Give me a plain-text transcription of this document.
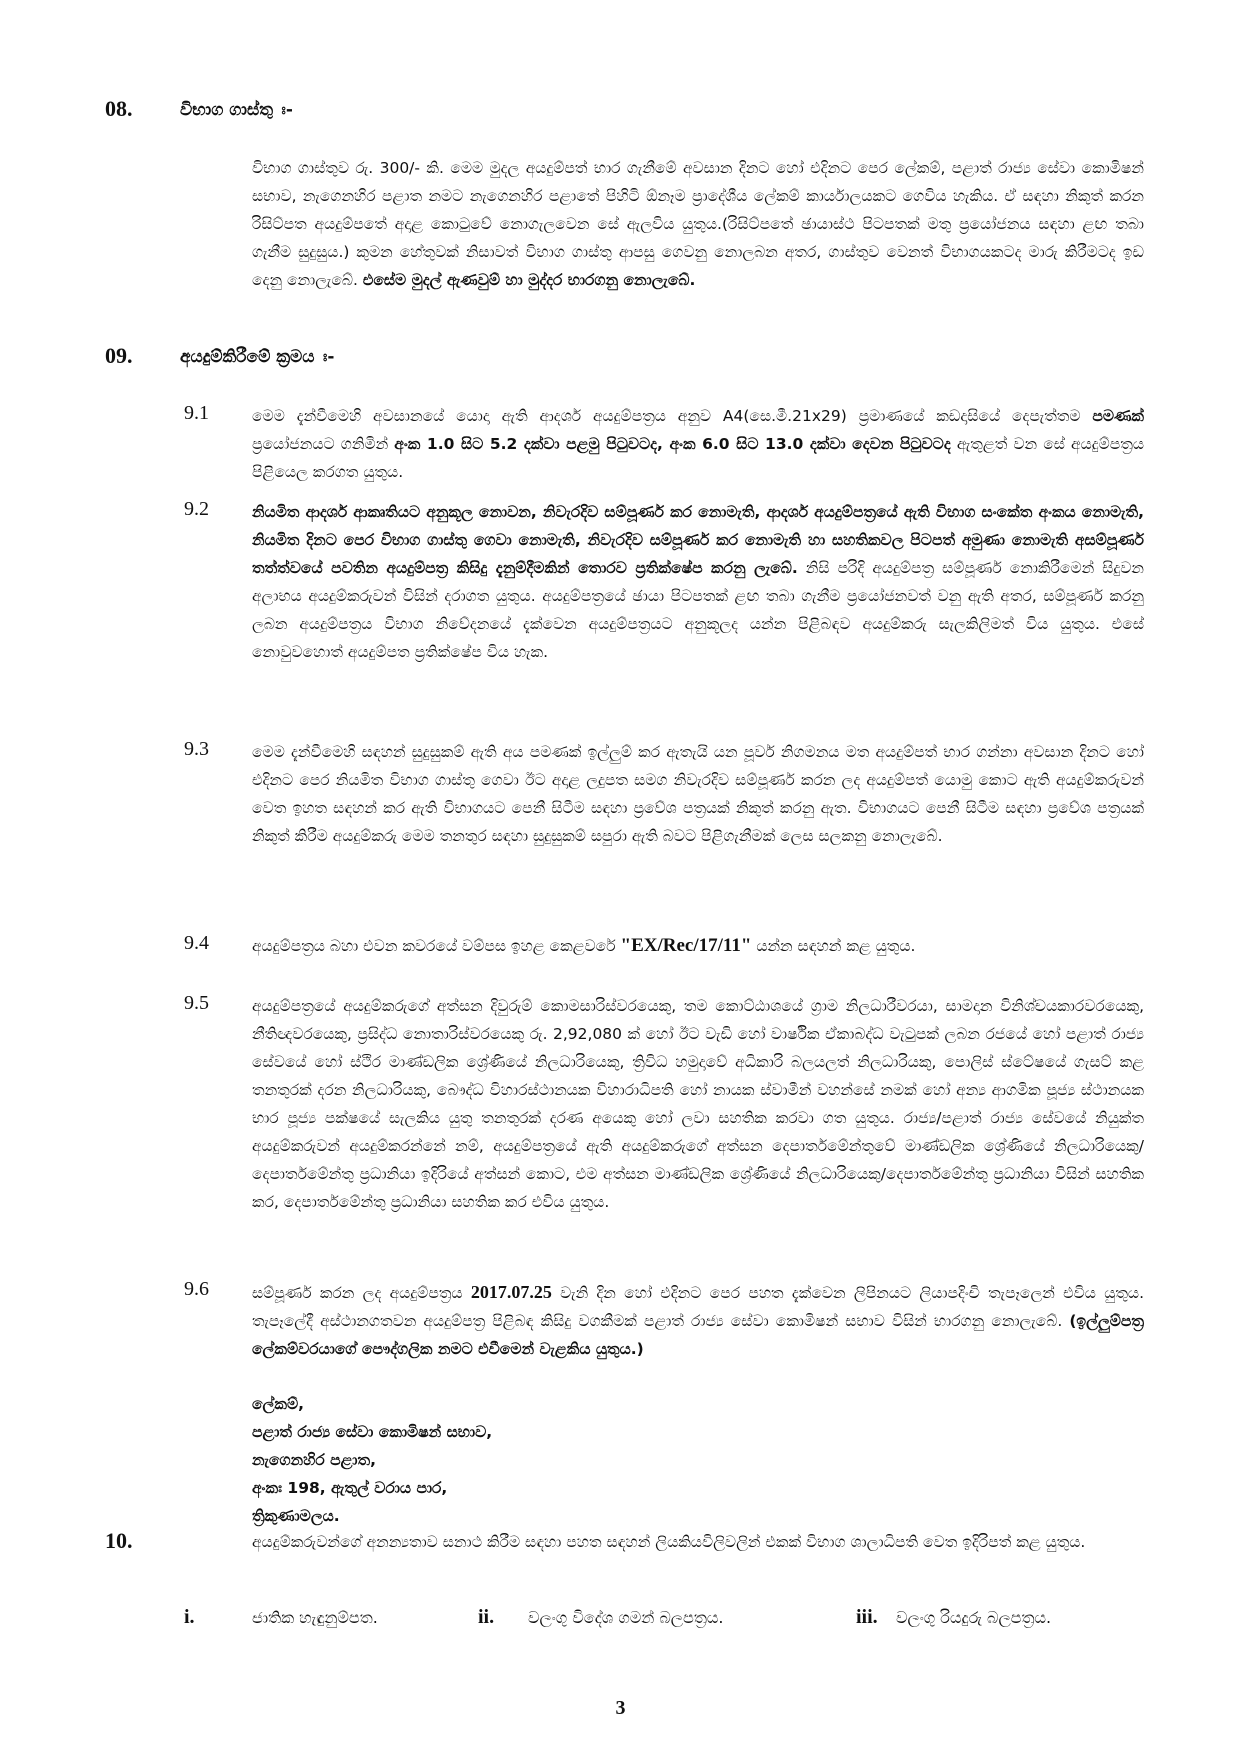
08.	විභාග ගාස්තු ඃ-
විභාග ගාස්තුව රු. 300/- කි. මෙම මුදල අයදුම්පත් භාර ගැනීමේ අවසාන දිනට හෝ එදිනට පෙර ලේකම්, පළාත් රාජ්‍ය සේවා කොමිෂන් සභාව, නැගෙනහිර පළාත නමට නැගෙනහිර පළාතේ පිහිටි ඕනෑම ප්‍රාදේශීය ලේකම් කාර්යාලයකට ගෙවිය හැකිය. ඒ සඳහා නිකුත් කරන රිසිට්පත අයදුම්පතේ අදාළ කොටුවේ නොගැලවෙන සේ ඇලවිය යුතුය.(රිසිට්පතේ ඡායාස්ථ පිටපතක් මතු ප්‍රයෝජනය සඳහා ළඟ තබා ගැනීම සුදුසුය.) කුමන හේතුවක් නිසාවත් විභාග ගාස්තු ආපසු ගෙවනු නොලබන අතර, ගාස්තුව වෙනත් විභාගයකටද මාරු කිරීමටද ඉඩ දෙනු නොලැබේ. එසේම මුදල් ඇණවුම් හා මුද්දර භාරගනු නොලැබේ.
09.	අයදුම්කිරීමේ ක්‍රමය ඃ-
9.1	මෙම දැන්වීමෙහි අවසානයේ යොදා ඇති ආදර්ශ අයදුම්පත්‍රය අනුව A4(සෙ.මී.21x29) ප්‍රමාණයේ කඩදාසියේ දෙපැත්තම පමණක් ප්‍රයෝජනයට ගනිමින් අංක 1.0 සිට 5.2 දක්වා පළමු පිටුවටද, අංක 6.0 සිට 13.0 දක්වා දෙවන පිටුවටද ඇතුළත් වන සේ අයදුම්පත්‍රය පිළියෙල කරගත යුතුය.
9.2	නියමිත ආදර්ශ ආකෘතියට අනුකූල නොවන, නිවැරදිව සම්පූර්ණ කර නොමැති, ආදර්ශ අයදුම්පත්‍රයේ ඇති විභාග සංකේත අංකය නොමැති, නියමිත දිනට පෙර විභාග ගාස්තු ගෙවා නොමැති, නිවැරදිව සම්පූර්ණ කර නොමැති හා සහතිකවල පිටපත් අමුණා නොමැති අසම්පූර්ණ තත්ත්වයේ පවතින අයදුම්පත්‍ර කිසිදු දැනුම්දීමකින් තොරව ප්‍රතික්ෂේප කරනු ලැබේ. නිසි පරිදි අයදුම්පත්‍ර සම්පූර්ණ නොකිරීමෙන් සිදුවන අලාභය අයදුම්කරුවන් විසින් දරාගත යුතුය. අයදුම්පත්‍රයේ ඡායා පිටපතක් ළඟ තබා ගැනීම ප්‍රයෝජනවත් වනු ඇති අතර, සම්පූර්ණ කරනු ලබන අයදුම්පත්‍රය විභාග නිවේදනයේ දැක්වෙන අයදුම්පත්‍රයට අනුකූලද යන්න පිළිබඳව අයදුම්කරු සැලකිලිමත් විය යුතුය. එසේ නොවුවහොත් අයදුම්පත ප්‍රතික්ෂේප විය හැක.
9.3	මෙම දැන්වීමෙහි සඳහන් සුදුසුකම් ඇති අය පමණක් ඉල්ලුම් කර ඇතැයි යන පූර්ව නිගමනය මත අයදුම්පත් භාර ගන්නා අවසාන දිනට හෝ එදිනට පෙර නියමිත විභාග ගාස්තු ගෙවා ඊට අදාළ ලදුපත සමග නිවැරදිව සම්පූර්ණ කරන ලද අයදුම්පත් යොමු කොට ඇති අයදුම්කරුවන් වෙත ඉහත සඳහන් කර ඇති විභාගයට පෙනී සිටීම සඳහා ප්‍රවේශ පත්‍රයක් නිකුත් කරනු ඇත. විභාගයට පෙනී සිටීම සඳහා ප්‍රවේශ පත්‍රයක් නිකුත් කිරීම අයදුම්කරු මෙම තනතුර සඳහා සුදුසුකම් සපුරා ඇති බවට පිළිගැනීමක් ලෙස සලකනු නොලැබේ.
9.4	අයදුම්පත්‍රය බහා එවන කවරයේ වම්පස ඉහළ කෙළවරේ "EX/Rec/17/11" යන්න සඳහන් කළ යුතුය.
9.5	අයදුම්පත්‍රයේ අයදුම්කරුගේ අත්සන දිවුරුම් කොමසාරිස්වරයෙකු, තම කොට්ඨාශයේ ග්‍රාම නිලධාරීවරයා, සාමදාන විනිශ්චයකාරවරයෙකු, නීතිඥවරයෙකු, ප්‍රසිද්ධ නොතාරිස්වරයෙකු රු. 2,92,080 ක් හෝ ඊට වැඩි හෝ වාර්ෂික ඒකාබද්ධ වැටුපක් ලබන රජයේ හෝ පළාත් රාජ්‍ය සේවයේ හෝ ස්ථිර මාණ්ඩලික ශ්‍රේණියේ නිලධාරියෙකු, ත්‍රිවිධ හමුදාවේ අධිකාරි බලයලත් නිලධාරියකු, පොලිස් ස්ටේෂයේ ගැසට් කළ තනතුරක් දරන නිලධාරියකු, බෞද්ධ විහාරස්ථානයක විහාරාධිපති හෝ නායක ස්වාමීන් වහන්සේ නමක් හෝ අන්‍ය ආගමික පූජ්‍ය ස්ථානයක භාර පූජ්‍ය පක්ෂයේ සැලකිය යුතු තනතුරක් දරණ අයෙකු හෝ ලවා සහතික කරවා ගත යුතුය. රාජ්‍ය/පළාත් රාජ්‍ය සේවයේ නියුක්ත අයදුම්කරුවන් අයදුම්කරන්නේ නම්, අයදුම්පත්‍රයේ ඇති අයදුම්කරුගේ අත්සන දෙපාර්තමේන්තුවේ මාණ්ඩලික ශ්‍රේණියේ නිලධාරියෙකු/දෙපාර්තමේන්තු ප්‍රධානියා ඉදිරියේ අත්සන් කොට, එම අත්සන මාණ්ඩලික ශ්‍රේණියේ නිලධාරියෙකු/දෙපාර්තමේන්තු ප්‍රධානියා විසින් සහතික කර, දෙපාර්තමේන්තු ප්‍රධානියා සහතික කර එවිය යුතුය.
9.6	සම්පූර්ණ කරන ලද අයදුම්පත්‍රය 2017.07.25 වැනි දින හෝ එදිනට පෙර පහත දැක්වෙන ලිපිනයට ලියාපදිංචි තැපෑලෙන් එවිය යුතුය. තැපෑලේදී අස්ථානගතවන අයදුම්පත්‍ර පිළිබඳ කිසිදු වගකීමක් පළාත් රාජ්‍ය සේවා කොමිෂන් සභාව විසින් භාරගනු නොලැබේ. (ඉල්ලුම්පත්‍ර ලේකම්වරයාගේ පෞද්ගලික නමට එවීමෙන් වැළකිය යුතුය.)
ලේකම්,
පළාත් රාජ්‍ය සේවා කොමිෂන් සභාව,
නැගෙනහිර පළාත,
අංකඃ 198, ඇතුල් වරාය පාර,
ත්‍රිකුණාමලය.
10.	අයදුම්කරුවන්ගේ අනන්‍යතාව සනාථ කිරීම සඳහා පහත සඳහන් ලියකියවිලිවලින් එකක් විභාග ශාලාධිපති වෙත ඉදිරිපත් කළ යුතුය.
i.	ජාතික හැඳුනුම්පත.	ii. වලංගු විදේශ ගමන් බලපත්‍රය.	iii. වලංගු රියදුරු බලපත්‍රය.
3
